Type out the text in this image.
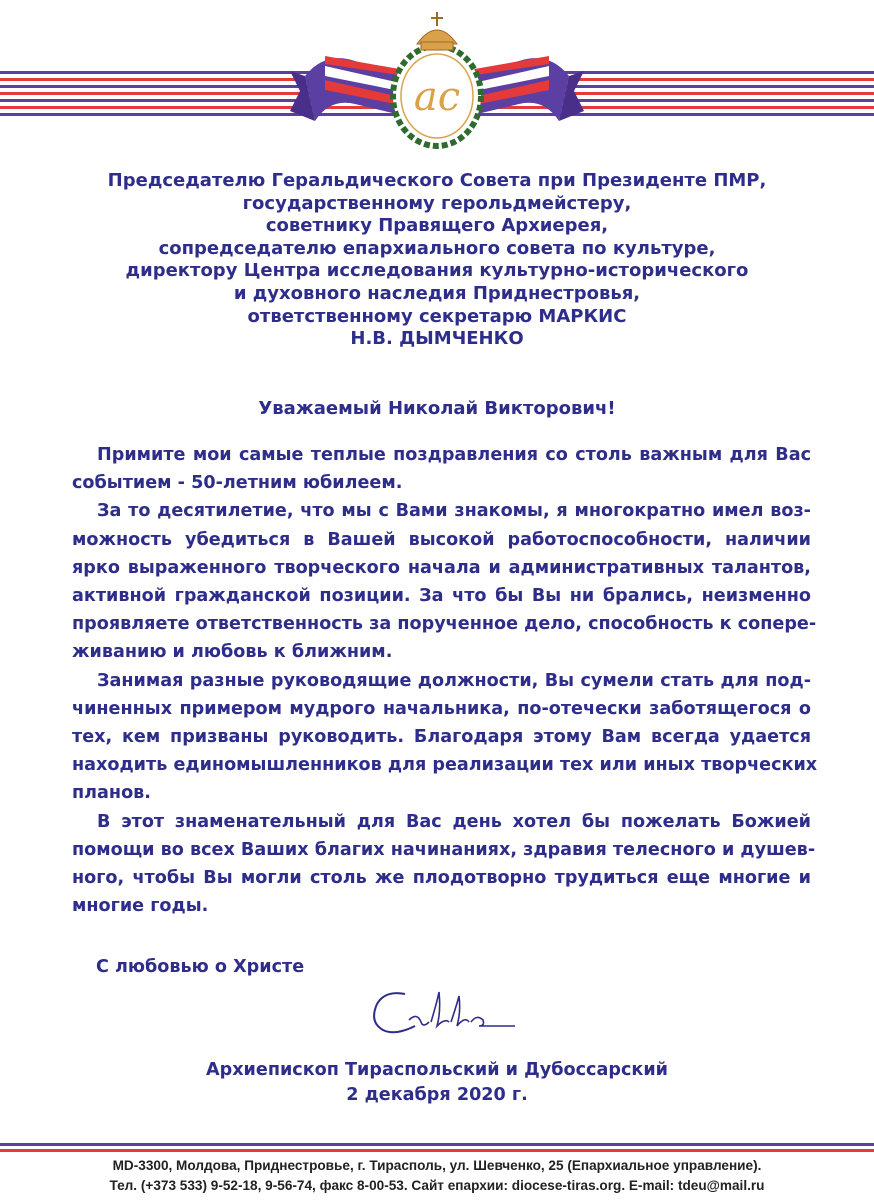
ac
Председателю Геральдического Совета при Президенте ПМР,
государственному герольдмейстеру,
советнику Правящего Архиерея,
сопредседателю епархиального совета по культуре,
директору Центра исследования культурно-исторического
и духовного наследия Приднестровья,
ответственному секретарю МАРКИС
Н.В. ДЫМЧЕНКО
Уважаемый Николай Викторович!
Примите мои самые теплые поздравления со столь важным для Вас
событием - 50-летним юбилеем.
За то десятилетие, что мы с Вами знакомы, я многократно имел воз-
можность убедиться в Вашей высокой работоспособности, наличии
ярко выраженного творческого начала и административных талантов,
активной гражданской позиции. За что бы Вы ни брались, неизменно
проявляете ответственность за порученное дело, способность к сопере-
живанию и любовь к ближним.
Занимая разные руководящие должности, Вы сумели стать для под-
чиненных примером мудрого начальника, по-отечески заботящегося о
тех, кем призваны руководить. Благодаря этому Вам всегда удается
находить единомышленников для реализации тех или иных творческих
планов.
В этот знаменательный для Вас день хотел бы пожелать Божией
помощи во всех Ваших благих начинаниях, здравия телесного и душев-
ного, чтобы Вы могли столь же плодотворно трудиться еще многие и
многие годы.
С любовью о Христе
Архиепископ Тираспольский и Дубоссарский
2 декабря 2020 г.
MD-3300, Молдова, Приднестровье, г. Тирасполь, ул. Шевченко, 25 (Епархиальное управление).
Тел. (+373 533) 9-52-18, 9-56-74, факс 8-00-53. Сайт епархии: diocese-tiras.org. E-mail: tdeu@mail.ru
